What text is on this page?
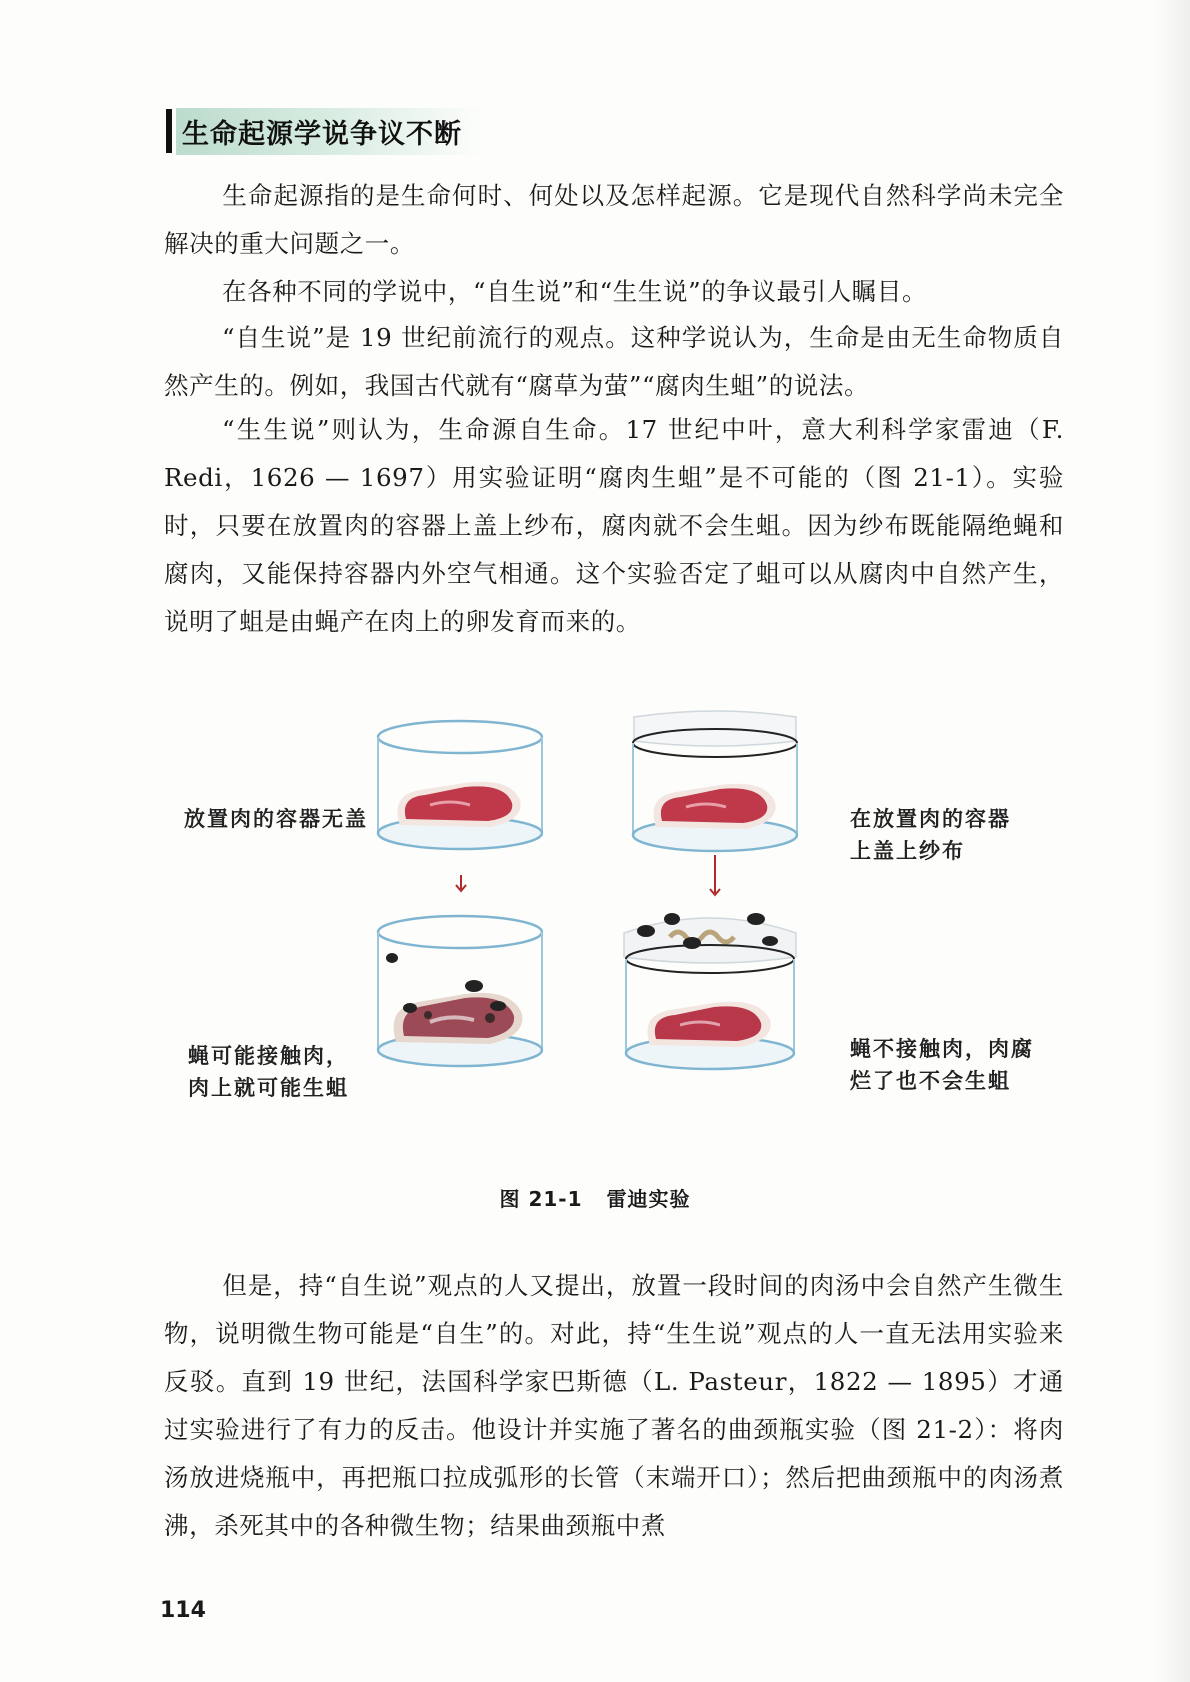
生命起源学说争议不断

生命起源指的是生命何时、何处以及怎样起源。它是现代自然科学尚未完全解决的重大问题之一。

在各种不同的学说中，“自生说”和“生生说”的争议最引人瞩目。

“自生说”是 19 世纪前流行的观点。这种学说认为，生命是由无生命物质自然产生的。例如，我国古代就有“腐草为萤”“腐肉生蛆”的说法。

“生生说”则认为，生命源自生命。17 世纪中叶，意大利科学家雷迪（F. Redi，1626 — 1697）用实验证明“腐肉生蛆”是不可能的（图 21-1）。实验时，只要在放置肉的容器上盖上纱布，腐肉就不会生蛆。因为纱布既能隔绝蝇和腐肉，又能保持容器内外空气相通。这个实验否定了蛆可以从腐肉中自然产生，说明了蛆是由蝇产在肉上的卵发育而来的。

放置肉的容器无盖	在放置肉的容器
上盖上纱布
蝇可能接触肉，
肉上就可能生蛆
蝇不接触肉，肉腐
烂了也不会生蛆
图 21-1 雷迪实验

但是，持“自生说”观点的人又提出，放置一段时间的肉汤中会自然产生微生物，说明微生物可能是“自生”的。对此，持“生生说”观点的人一直无法用实验来反驳。直到 19 世纪，法国科学家巴斯德（L. Pasteur，1822 — 1895）才通过实验进行了有力的反击。他设计并实施了著名的曲颈瓶实验（图 21-2）：将肉汤放进烧瓶中，再把瓶口拉成弧形的长管（末端开口）；然后把曲颈瓶中的肉汤煮沸，杀死其中的各种微生物；结果曲颈瓶中煮

114
